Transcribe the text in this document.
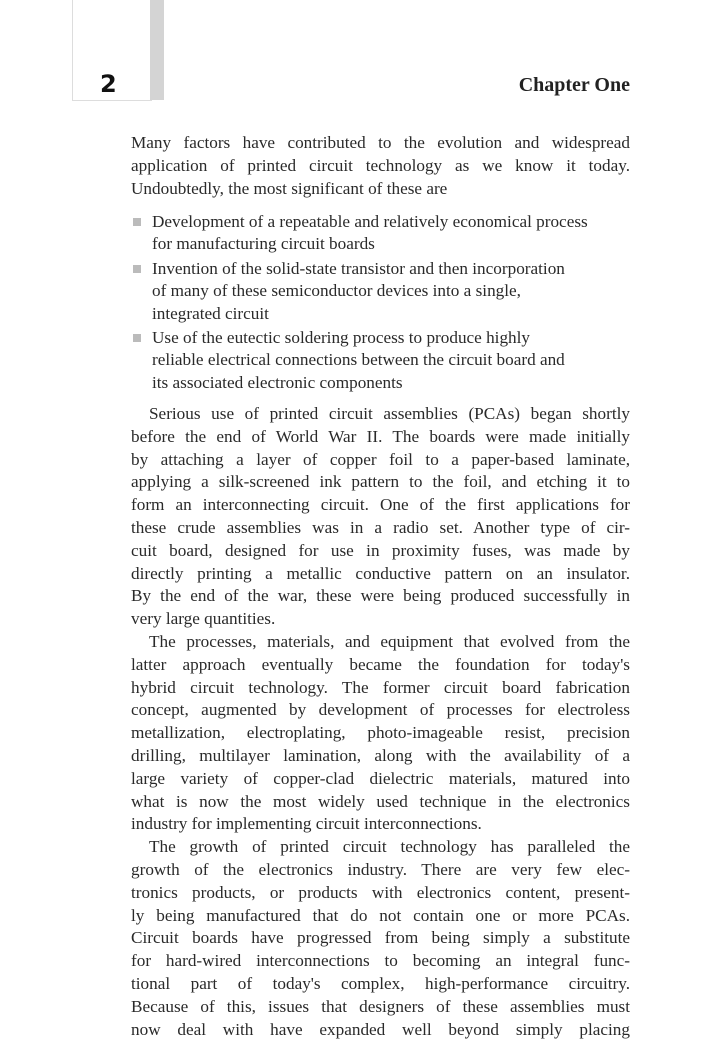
2	Chapter One
Many factors have contributed to the evolution and widespread
application of printed circuit technology as we know it today.
Undoubtedly, the most significant of these are
Development of a repeatable and relatively economical process
for manufacturing circuit boards
Invention of the solid-state transistor and then incorporation
of many of these semiconductor devices into a single,
integrated circuit
Use of the eutectic soldering process to produce highly
reliable electrical connections between the circuit board and
its associated electronic components
Serious use of printed circuit assemblies (PCAs) began shortly
before the end of World War II. The boards were made initially
by attaching a layer of copper foil to a paper-based laminate,
applying a silk-screened ink pattern to the foil, and etching it to
form an interconnecting circuit. One of the first applications for
these crude assemblies was in a radio set. Another type of cir-
cuit board, designed for use in proximity fuses, was made by
directly printing a metallic conductive pattern on an insulator.
By the end of the war, these were being produced successfully in
very large quantities.
The processes, materials, and equipment that evolved from the
latter approach eventually became the foundation for today's
hybrid circuit technology. The former circuit board fabrication
concept, augmented by development of processes for electroless
metallization, electroplating, photo-imageable resist, precision
drilling, multilayer lamination, along with the availability of a
large variety of copper-clad dielectric materials, matured into
what is now the most widely used technique in the electronics
industry for implementing circuit interconnections.
The growth of printed circuit technology has paralleled the
growth of the electronics industry. There are very few elec-
tronics products, or products with electronics content, present-
ly being manufactured that do not contain one or more PCAs.
Circuit boards have progressed from being simply a substitute
for hard-wired interconnections to becoming an integral func-
tional part of today's complex, high-performance circuitry.
Because of this, issues that designers of these assemblies must
now deal with have expanded well beyond simply placing
